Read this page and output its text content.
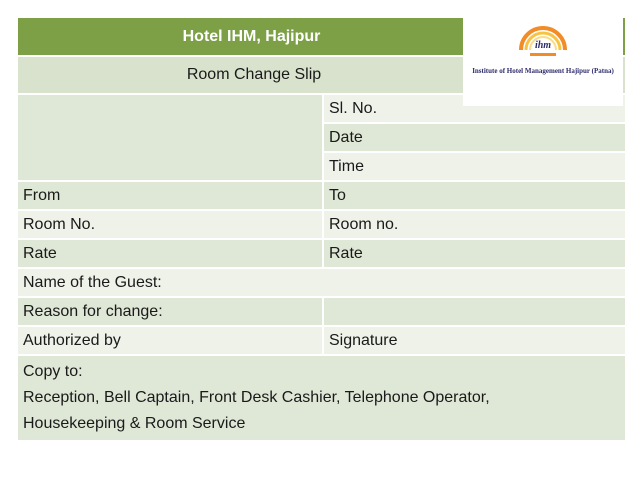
Hotel IHM, Hajipur	
Room Change Slip	
	Sl. No.
	Date
	Time
From	To
Room No.	Room no.
Rate	Rate
Name of the Guest:	
Reason for change:	
Authorized by	Signature

Copy to:
Reception, Bell Captain, Front Desk Cashier, Telephone Operator,
Housekeeping & Room Service	
ihm
Institute of Hotel Management Hajipur (Patna)
